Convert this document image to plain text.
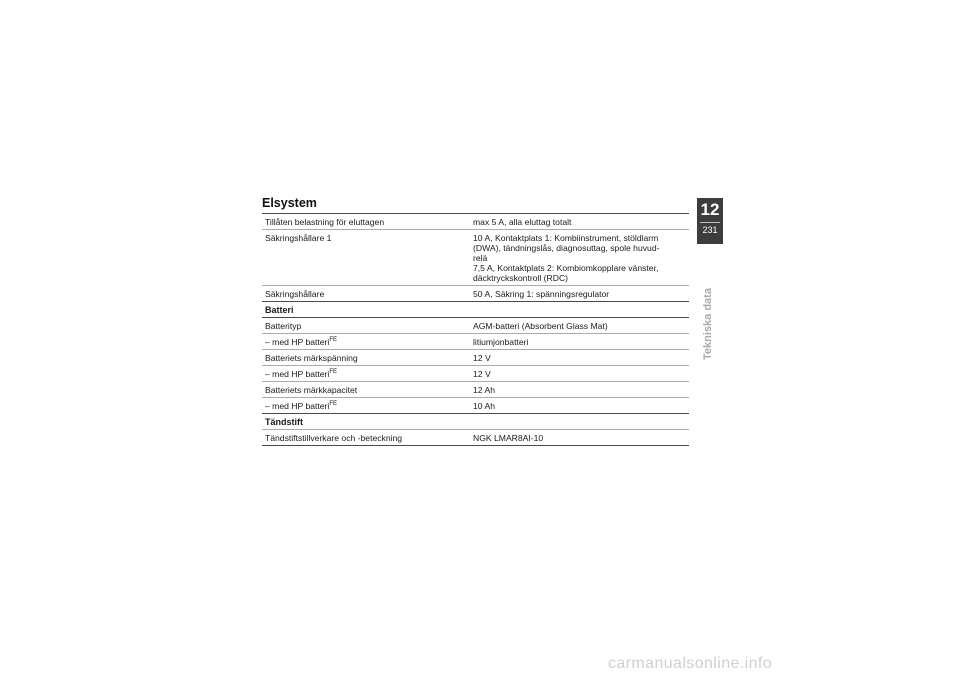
Elsystem
Tillåten belastning för eluttagen	max 5 A, alla eluttag totalt
Säkringshållare 1	10 A, Kontaktplats 1: Kombiinstrument, stöldlarm
(DWA), tändningslås, diagnosuttag, spole huvud-
relä
7,5 A, Kontaktplats 2: Kombiomkopplare vänster,
däcktryckskontroll (RDC)
Säkringshållare	50 A, Säkring 1: spänningsregulator
Batteri
Batterityp	AGM-batteri (Absorbent Glass Mat)
– med HP batteri$^{FE}$	litiumjonbatteri
Batteriets märkspänning	12 V
– med HP batteri$^{FE}$	12 V
Batteriets märkkapacitet	12 Ah
– med HP batteri$^{FE}$	10 Ah
Tändstift
Tändstiftstillverkare och -beteckning	NGK LMAR8AI-10
12
231
Tekniska data
carmanualsonline.info
